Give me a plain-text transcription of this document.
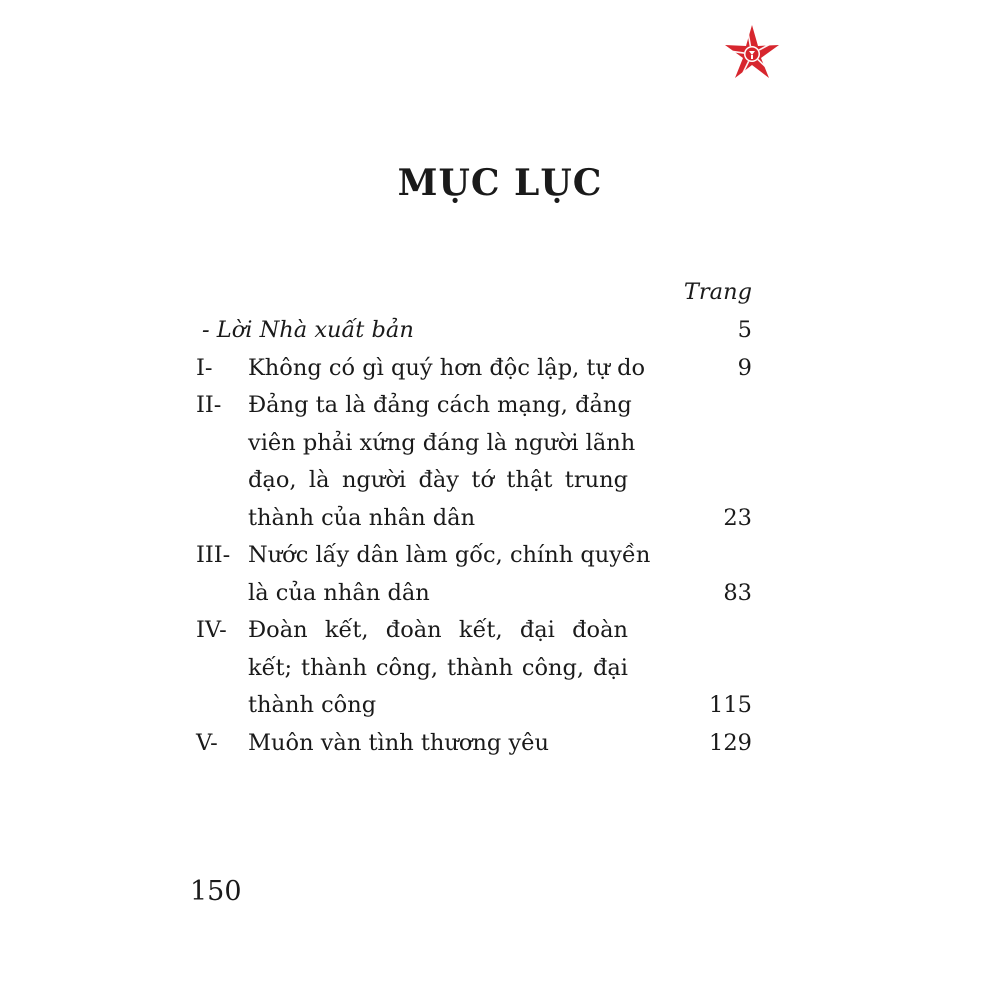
MỤC LỤC
Trang
- Lời Nhà xuất bản	5
I- Không có gì quý hơn độc lập, tự do	9
II- Đảng ta là đảng cách mạng, đảng
viên phải xứng đáng là người lãnh
đạo, là người đày tớ thật trung
thành của nhân dân	23
III- Nước lấy dân làm gốc, chính quyền
là của nhân dân	83
IV- Đoàn kết, đoàn kết, đại đoàn
kết; thành công, thành công, đại
thành công	115
V- Muôn vàn tình thương yêu	129
150
